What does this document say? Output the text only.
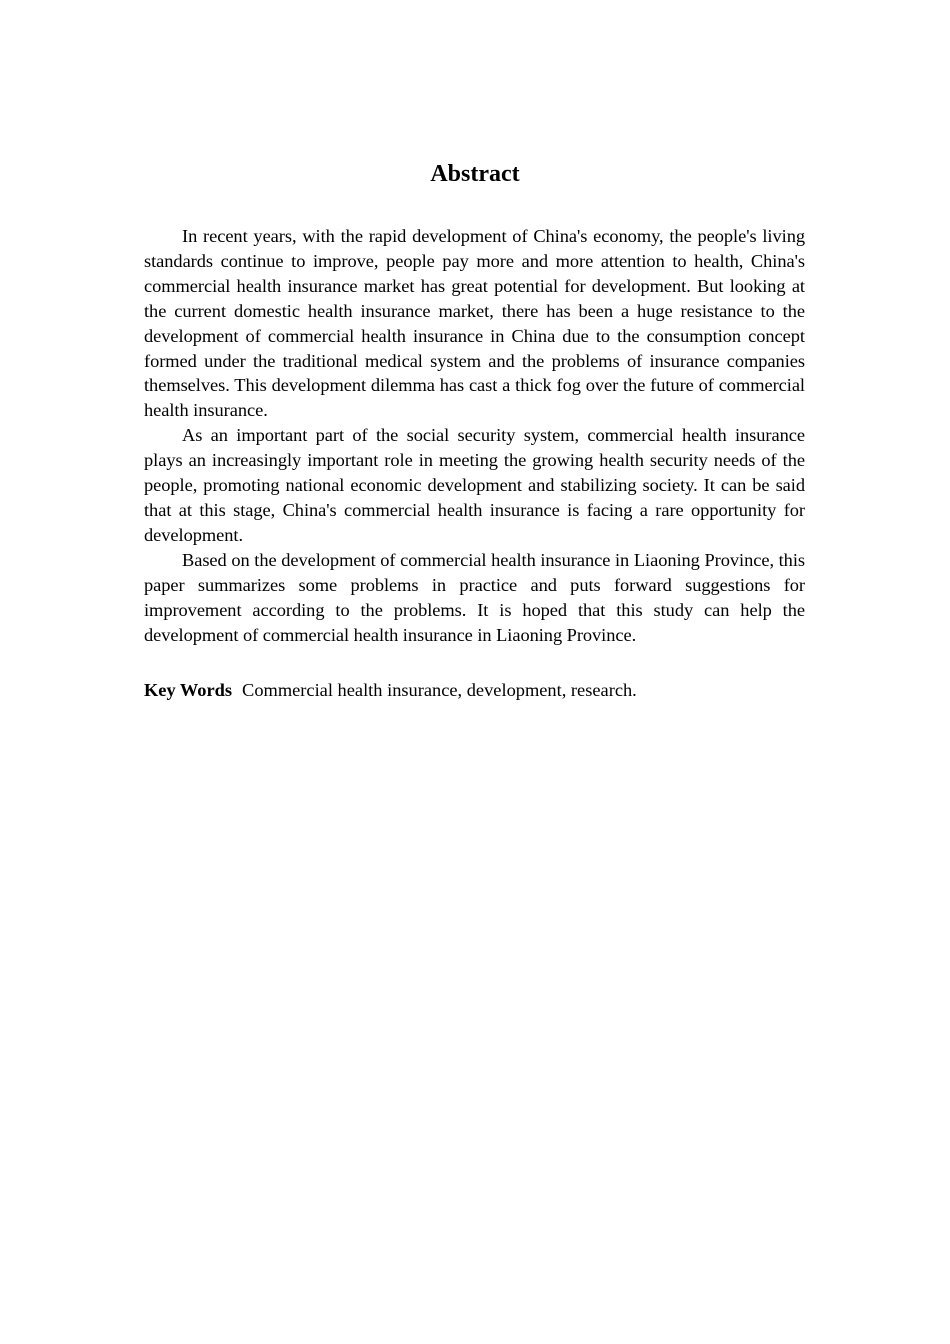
Abstract

In recent years, with the rapid development of China's economy, the people's living standards continue to improve, people pay more and more attention to health, China's commercial health insurance market has great potential for development. But looking at the current domestic health insurance market, there has been a huge resistance to the development of commercial health insurance in China due to the consumption concept formed under the traditional medical system and the problems of insurance companies themselves. This development dilemma has cast a thick fog over the future of commercial health insurance.

As an important part of the social security system, commercial health insurance plays an increasingly important role in meeting the growing health security needs of the people, promoting national economic development and stabilizing society. It can be said that at this stage, China's commercial health insurance is facing a rare opportunity for development.

Based on the development of commercial health insurance in Liaoning Province, this paper summarizes some problems in practice and puts forward suggestions for improvement according to the problems. It is hoped that this study can help the development of commercial health insurance in Liaoning Province.

Key Words Commercial health insurance, development, research.
